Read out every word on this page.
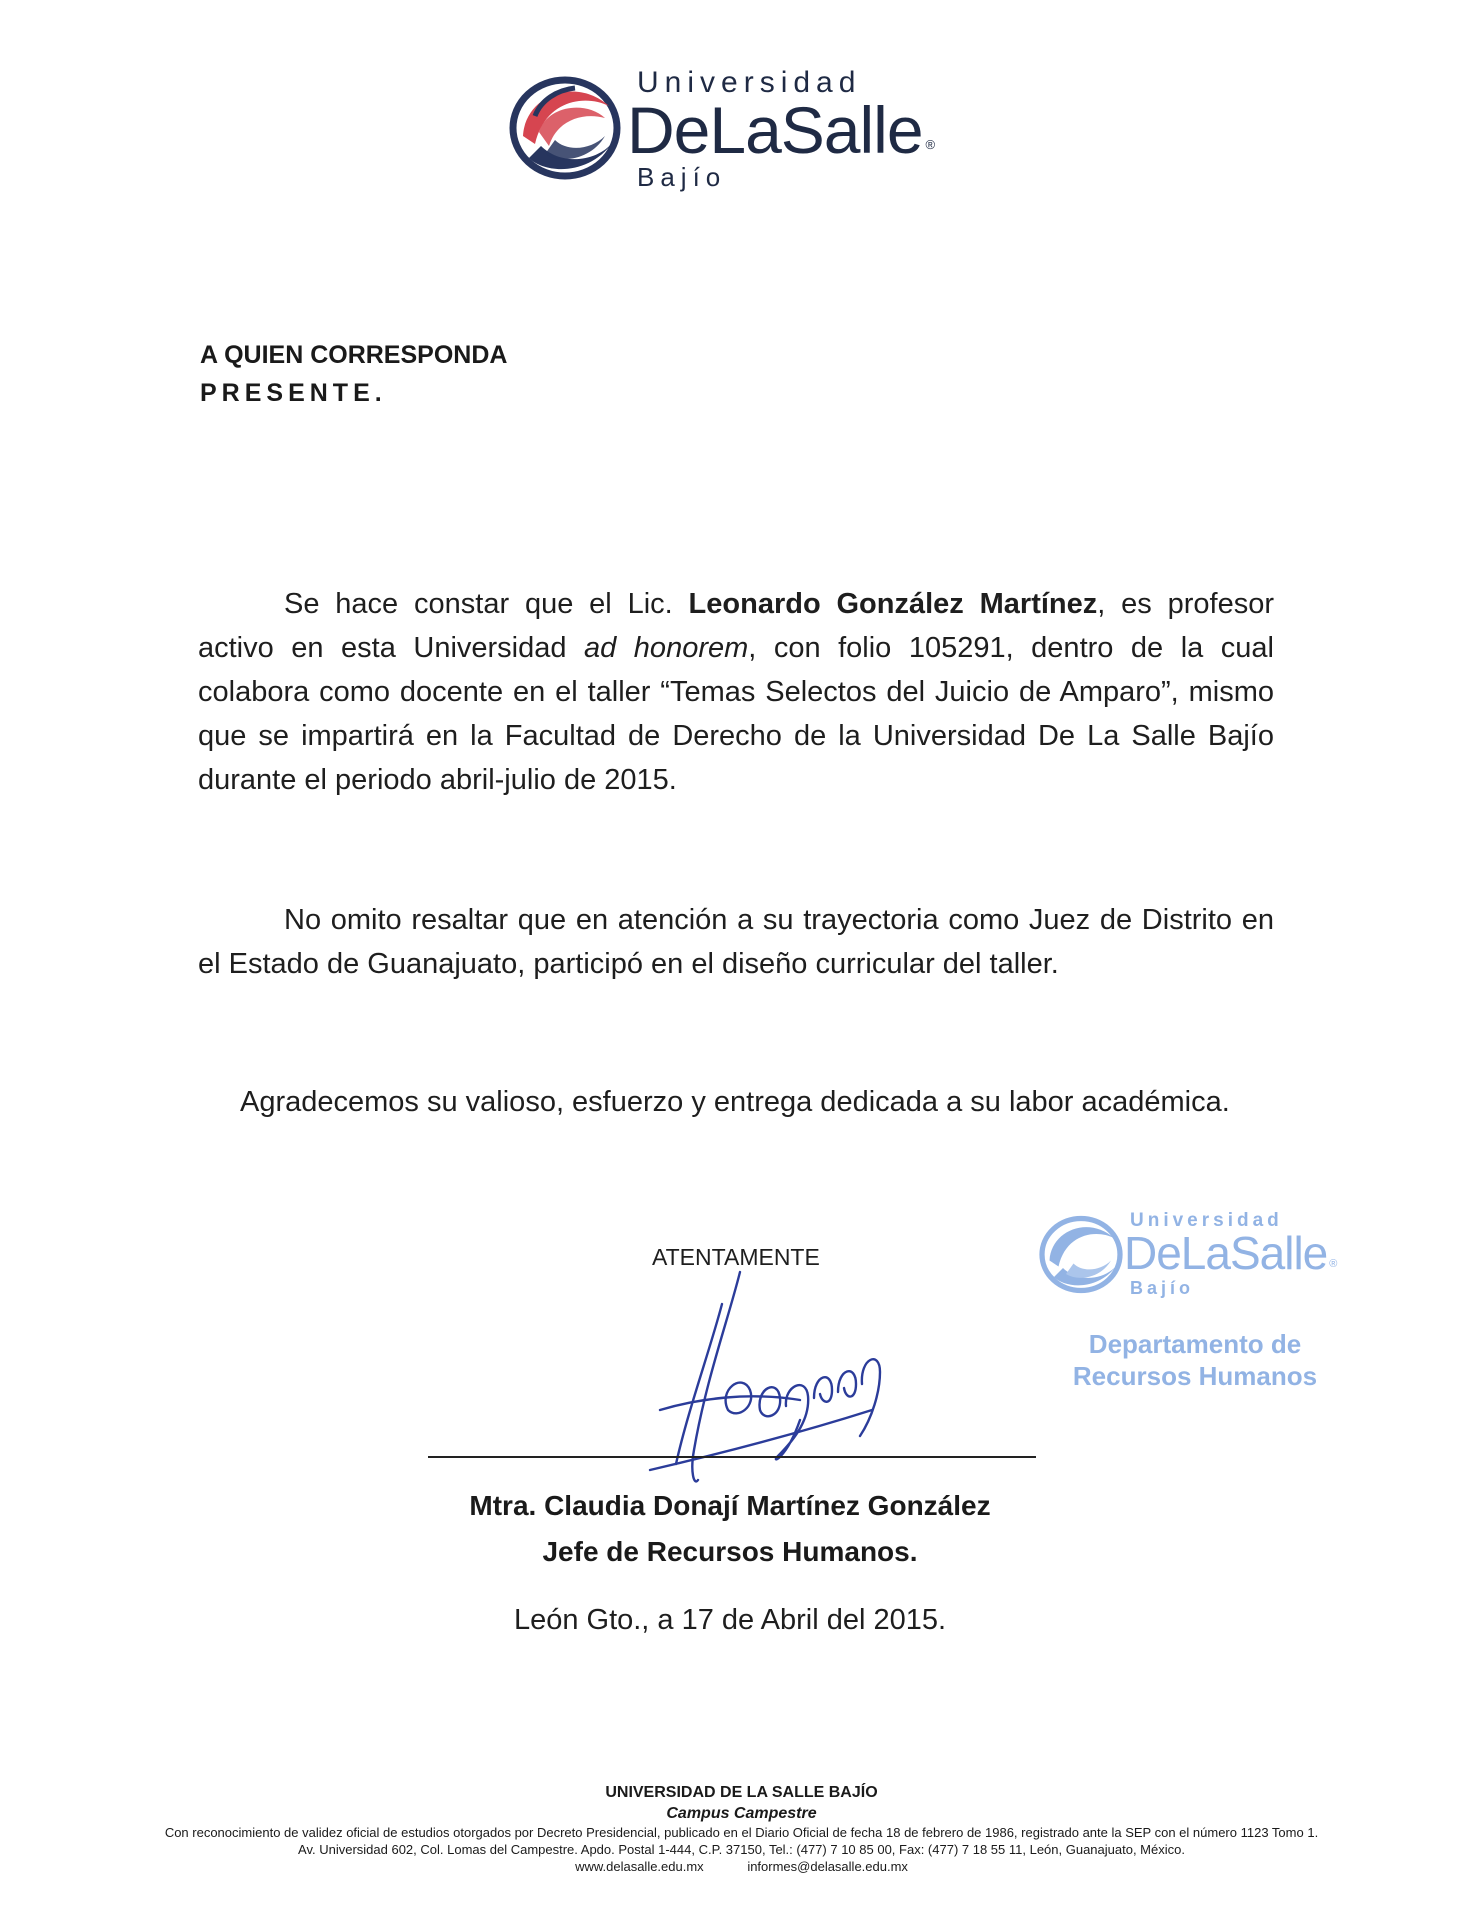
Universidad
DeLaSalle ®
Bajío
A QUIEN CORRESPONDA
PRESENTE.
Se hace constar que el Lic. Leonardo González Martínez, es profesor activo en esta Universidad ad honorem, con folio 105291, dentro de la cual colabora como docente en el taller “Temas Selectos del Juicio de Amparo”, mismo que se impartirá en la Facultad de Derecho de la Universidad De La Salle Bajío durante el periodo abril-julio de 2015.
No omito resaltar que en atención a su trayectoria como Juez de Distrito en el Estado de Guanajuato, participó en el diseño curricular del taller.
Agradecemos su valioso, esfuerzo y entrega dedicada a su labor académica.
ATENTAMENTE
Mtra. Claudia Donají Martínez González
Jefe de Recursos Humanos.
León Gto., a 17 de Abril del 2015.
Universidad
DeLaSalle ®
Bajío
Departamento de
Recursos Humanos
UNIVERSIDAD DE LA SALLE BAJÍO
Campus Campestre
Con reconocimiento de validez oficial de estudios otorgados por Decreto Presidencial, publicado en el Diario Oficial de fecha 18 de febrero de 1986, registrado ante la SEP con el número 1123 Tomo 1.
Av. Universidad 602, Col. Lomas del Campestre. Apdo. Postal 1-444, C.P. 37150, Tel.: (477) 7 10 85 00, Fax: (477) 7 18 55 11, León, Guanajuato, México.
www.delasalle.edu.mx	informes@delasalle.edu.mx
